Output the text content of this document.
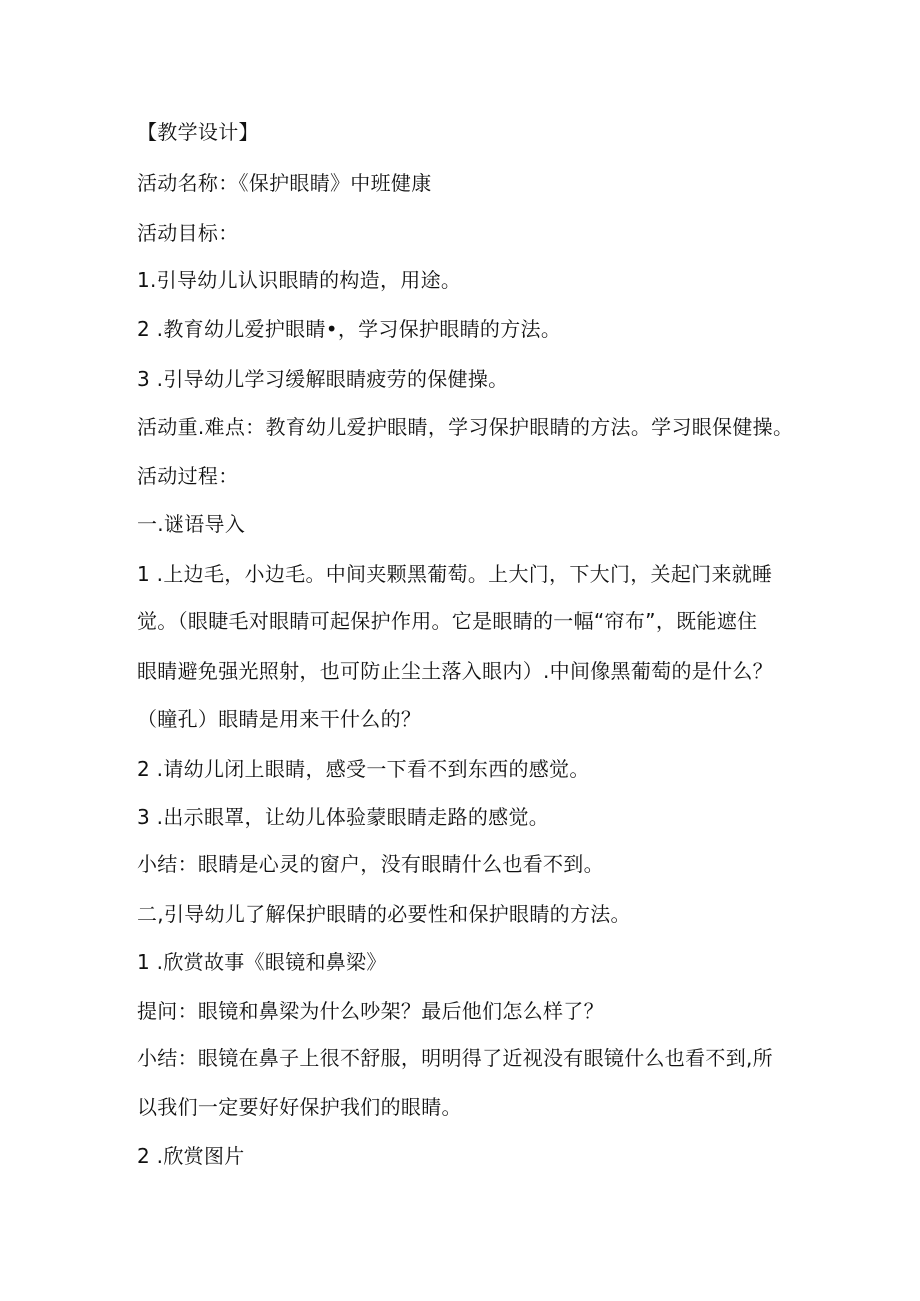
【教学设计】
活动名称：《保护眼睛》中班健康
活动目标：
1.引导幼儿认识眼睛的构造，用途。
2 .教育幼儿爱护眼睛•，学习保护眼睛的方法。
3 .引导幼儿学习缓解眼睛疲劳的保健操。
活动重.难点：教育幼儿爱护眼睛，学习保护眼睛的方法。学习眼保健操。
活动过程：
一.谜语导入
1 .上边毛，小边毛。中间夹颗黑葡萄。上大门，下大门，关起门来就睡
觉。（眼睫毛对眼睛可起保护作用。它是眼睛的一幅“帘布”，既能遮住
眼睛避免强光照射，也可防止尘土落入眼内）.中间像黑葡萄的是什么？
（瞳孔）眼睛是用来干什么的？
2 .请幼儿闭上眼睛，感受一下看不到东西的感觉。
3 .出示眼罩，让幼儿体验蒙眼睛走路的感觉。
小结：眼睛是心灵的窗户，没有眼睛什么也看不到。
二,引导幼儿了解保护眼睛的必要性和保护眼睛的方法。
1 .欣赏故事《眼镜和鼻梁》
提问：眼镜和鼻梁为什么吵架？最后他们怎么样了？
小结：眼镜在鼻子上很不舒服，明明得了近视没有眼镜什么也看不到,所
以我们一定要好好保护我们的眼睛。
2 .欣赏图片
